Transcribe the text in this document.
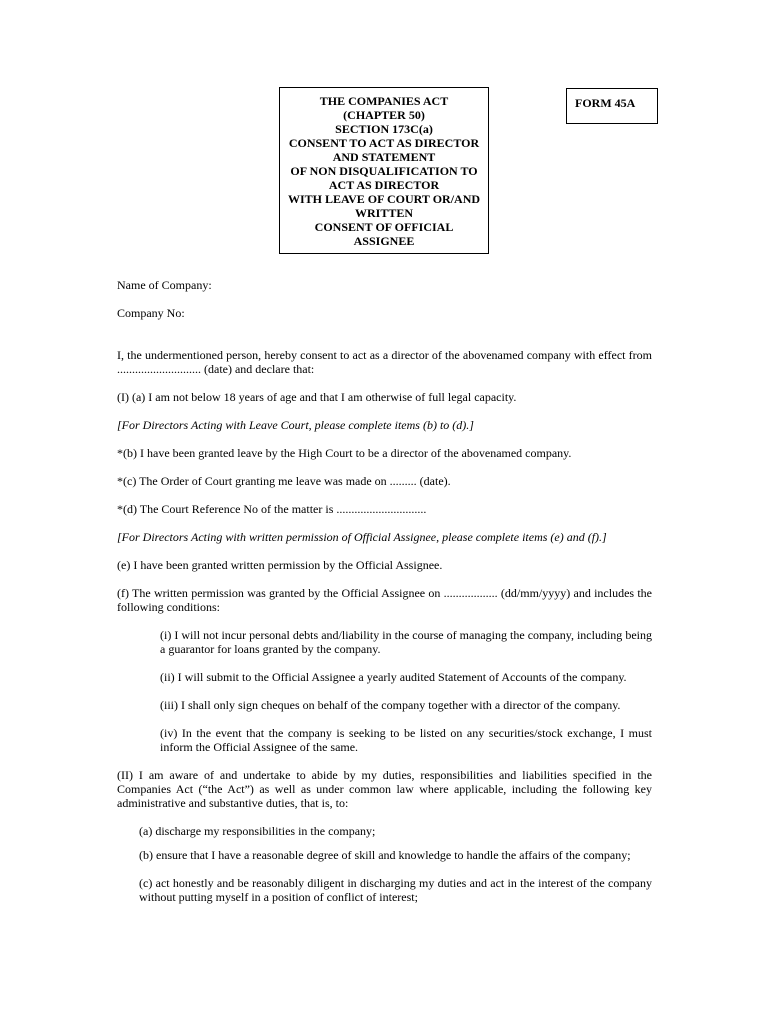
THE COMPANIES ACT
(CHAPTER 50)
SECTION 173C(a)
CONSENT TO ACT AS DIRECTOR
AND STATEMENT
OF NON DISQUALIFICATION TO
ACT AS DIRECTOR
WITH LEAVE OF COURT OR/AND
WRITTEN
CONSENT OF OFFICIAL
ASSIGNEE
FORM 45A
Name of Company:
Company No:
I, the undermentioned person, hereby consent to act as a director of the abovenamed company with effect from ............................ (date) and declare that:
(I) (a) I am not below 18 years of age and that I am otherwise of full legal capacity.
[For Directors Acting with Leave Court, please complete items (b) to (d).]
*(b) I have been granted leave by the High Court to be a director of the abovenamed company.
*(c) The Order of Court granting me leave was made on ......... (date).
*(d) The Court Reference No of the matter is ..............................
[For Directors Acting with written permission of Official Assignee, please complete items (e) and (f).]
(e) I have been granted written permission by the Official Assignee.
(f) The written permission was granted by the Official Assignee on .................. (dd/mm/yyyy) and includes the following conditions:
(i) I will not incur personal debts and/liability in the course of managing the company, including being a guarantor for loans granted by the company.
(ii) I will submit to the Official Assignee a yearly audited Statement of Accounts of the company.
(iii) I shall only sign cheques on behalf of the company together with a director of the company.
(iv) In the event that the company is seeking to be listed on any securities/stock exchange, I must inform the Official Assignee of the same.
(II) I am aware of and undertake to abide by my duties, responsibilities and liabilities specified in the Companies Act (“the Act”) as well as under common law where applicable, including the following key administrative and substantive duties, that is, to:
(a) discharge my responsibilities in the company;
(b) ensure that I have a reasonable degree of skill and knowledge to handle the affairs of the company;
(c) act honestly and be reasonably diligent in discharging my duties and act in the interest of the company without putting myself in a position of conflict of interest;
